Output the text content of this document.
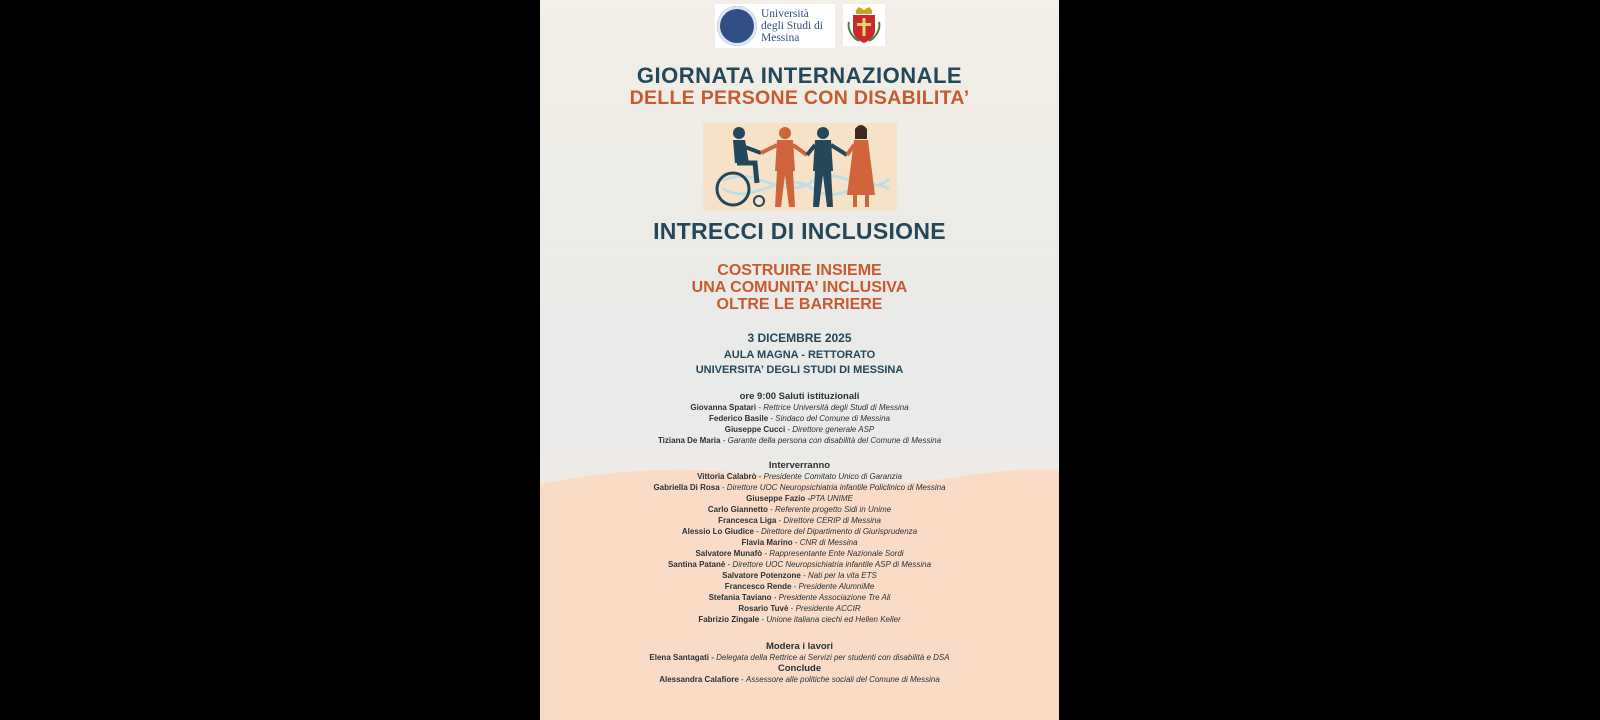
Università
degli Studi di
Messina
GIORNATA INTERNAZIONALE
DELLE PERSONE CON DISABILITA’
INTRECCI DI INCLUSIONE
COSTRUIRE INSIEME
UNA COMUNITA’ INCLUSIVA
OLTRE LE BARRIERE
3 DICEMBRE 2025
AULA MAGNA - RETTORATO
UNIVERSITA’ DEGLI STUDI DI MESSINA
ore 9:00 Saluti istituzionali
Giovanna Spatari - Rettrice Università degli Studi di Messina
Federico Basile - Sindaco del Comune di Messina
Giuseppe Cucci - Direttore generale ASP
Tiziana De Maria - Garante della persona con disabilità del Comune di Messina
Interverranno
Vittoria Calabrò - Presidente Comitato Unico di Garanzia
Gabriella Di Rosa - Direttore UOC Neuropsichiatria infantile Policlinico di Messina
Giuseppe Fazio -PTA UNIME
Carlo Giannetto - Referente progetto Sidi in Unime
Francesca Liga - Direttore CERIP di Messina
Alessio Lo Giudice - Direttore del Dipartimento di Giurisprudenza
Flavia Marino - CNR di Messina
Salvatore Munafò - Rappresentante Ente Nazionale Sordi
Santina Patanè - Direttore UOC Neuropsichiatria infantile ASP di Messina
Salvatore Potenzone - Nati per la vita ETS
Francesco Rende - Presidente AlumniMe
Stefania Taviano - Presidente Associazione Tre Ali
Rosario Tuvè - Presidente ACCIR
Fabrizio Zingale - Unione italiana ciechi ed Hellen Keller
Modera i lavori
Elena Santagati - Delegata della Rettrice ai Servizi per studenti con disabilità e DSA
Conclude
Alessandra Calafiore - Assessore alle politiche sociali del Comune di Messina
